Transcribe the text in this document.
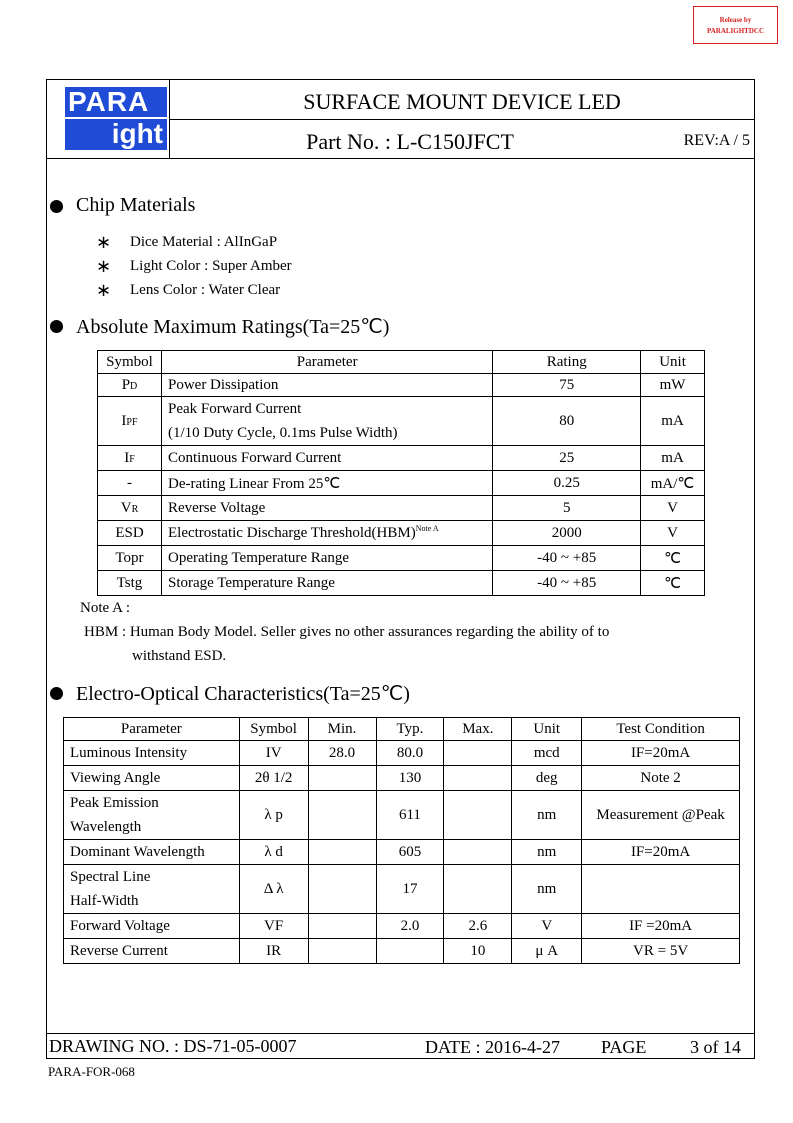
Release by
PARALIGHTDCC
PARA
ight
SURFACE MOUNT DEVICE LED
Part No. : L-C150JFCT	REV:A / 5
Chip Materials
∗ Dice Material : AlInGaP
∗ Light Color : Super Amber
∗ Lens Color : Water Clear
Absolute Maximum Ratings(Ta=25℃)
Symbol	Parameter	Rating	Unit
PD	Power Dissipation	75	mW
IPF	Peak Forward Current
(1/10 Duty Cycle, 0.1ms Pulse Width)	80	mA
IF	Continuous Forward Current	25	mA
-	De-rating Linear From 25℃	0.25	mA/℃
VR	Reverse Voltage	5	V
ESD	Electrostatic Discharge Threshold(HBM)$^{Note A}$	2000	V
Topr	Operating Temperature Range	-40 ~ +85	℃
Tstg	Storage Temperature Range	-40 ~ +85	℃
Note A :
HBM : Human Body Model. Seller gives no other assurances regarding the ability of to
withstand ESD.
Electro-Optical Characteristics(Ta=25℃)
Parameter	Symbol	Min.	Typ.	Max.	Unit	Test Condition
Luminous Intensity	IV	28.0	80.0		mcd	IF=20mA
Viewing Angle	2θ 1/2		130		deg	Note 2

Peak Emission
Wavelength	λ p		611		nm	Measurement @Peak
Dominant Wavelength	λ d		605		nm	IF=20mA

Spectral Line
Half-Width	Δ λ		17		nm	
Forward Voltage	VF		2.0	2.6	V	IF =20mA
Reverse Current	IR			10	μ A	VR = 5V
DRAWING NO. : DS-71-05-0007	DATE : 2016-4-27 PAGE 3 of 14
PARA-FOR-068
